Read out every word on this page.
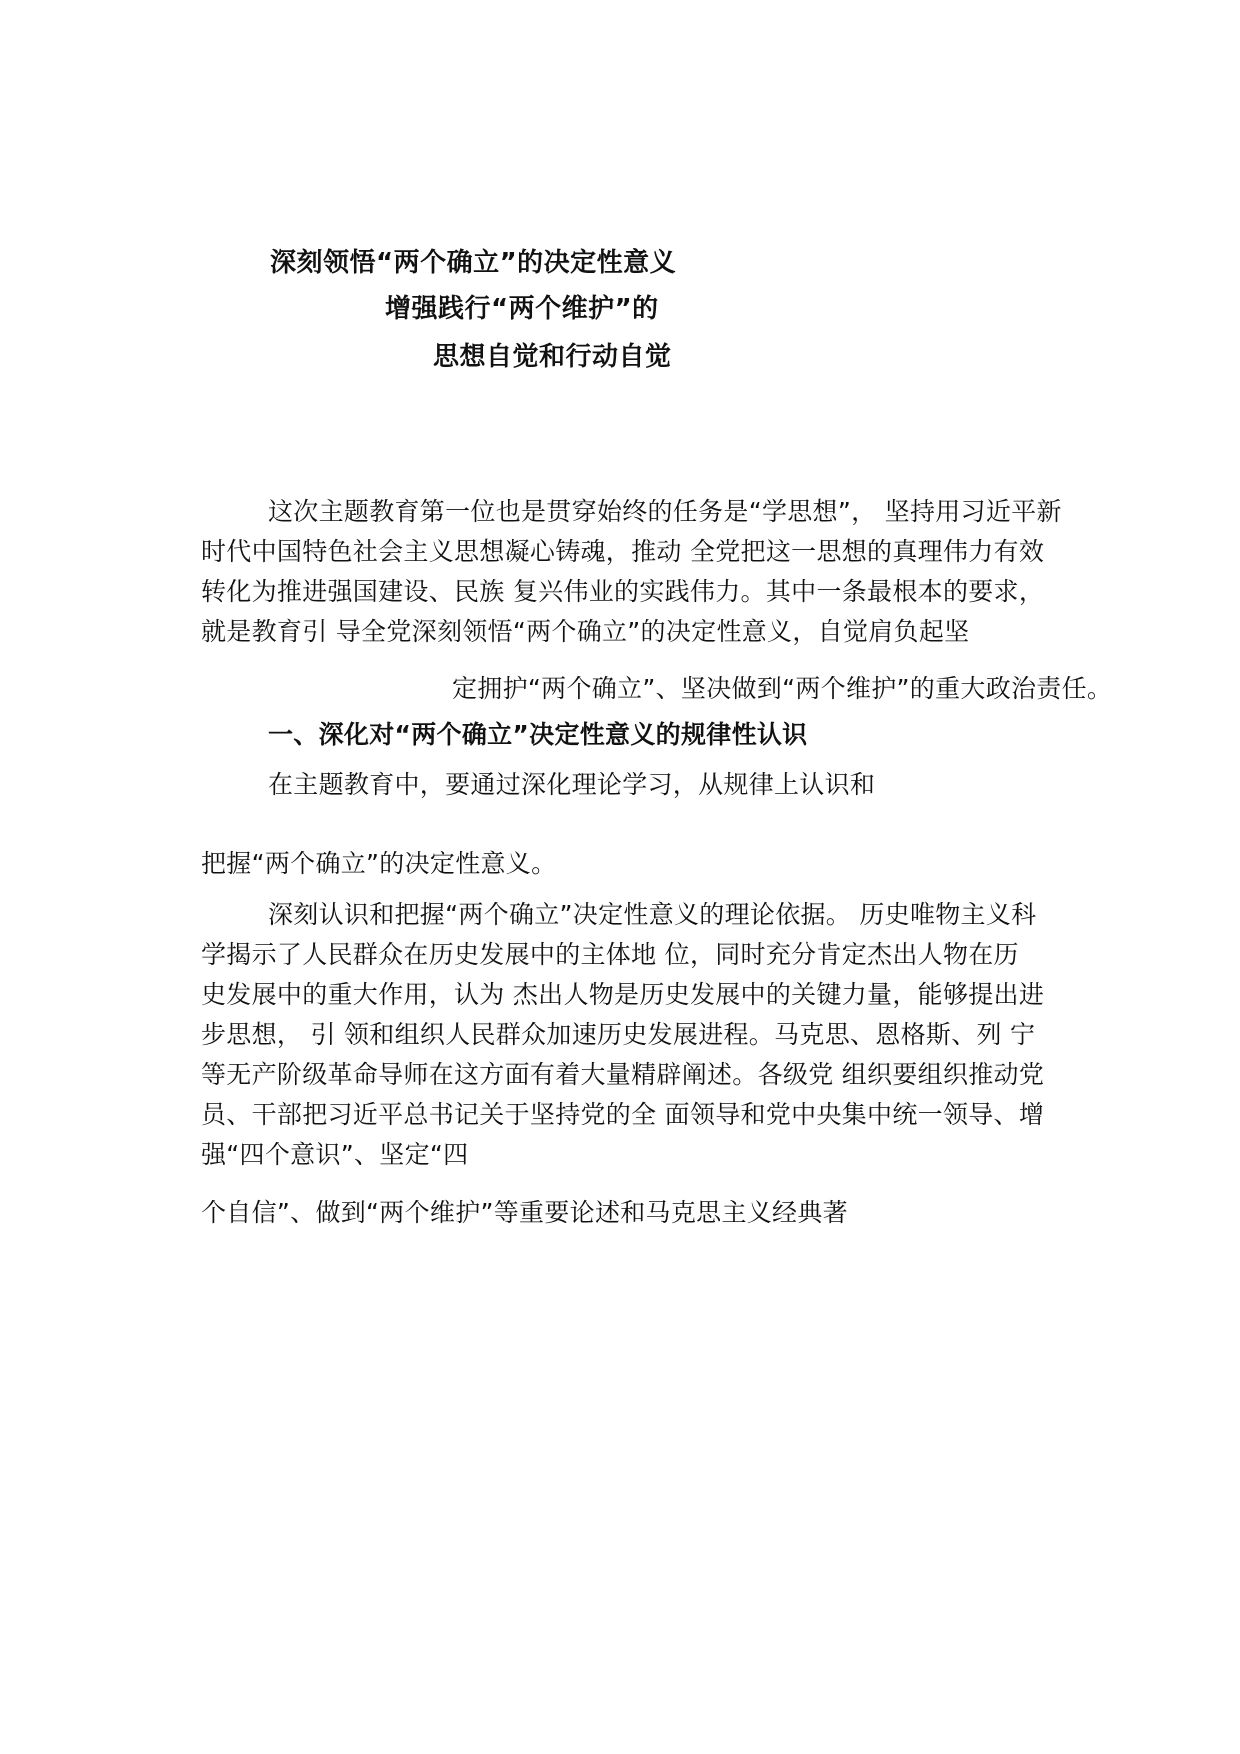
深刻领悟“两个确立”的决定性意义
增强践行“两个维护”的
思想自觉和行动自觉
这次主题教育第一位也是贯穿始终的任务是“学思想”， 坚持用习近平新
时代中国特色社会主义思想凝心铸魂，推动 全党把这一思想的真理伟力有效
转化为推进强国建设、民族 复兴伟业的实践伟力。其中一条最根本的要求，
就是教育引 导全党深刻领悟“两个确立”的决定性意义，自觉肩负起坚
定拥护“两个确立”、坚决做到“两个维护”的重大政治责任。
一、深化对“两个确立”决定性意义的规律性认识
在主题教育中，要通过深化理论学习，从规律上认识和
把握“两个确立”的决定性意义。
深刻认识和把握“两个确立”决定性意义的理论依据。 历史唯物主义科
学揭示了人民群众在历史发展中的主体地 位，同时充分肯定杰出人物在历
史发展中的重大作用，认为 杰出人物是历史发展中的关键力量，能够提出进
步思想， 引 领和组织人民群众加速历史发展进程。马克思、恩格斯、列 宁
等无产阶级革命导师在这方面有着大量精辟阐述。各级党 组织要组织推动党
员、干部把习近平总书记关于坚持党的全 面领导和党中央集中统一领导、增
强“四个意识”、坚定“四
个自信”、做到“两个维护”等重要论述和马克思主义经典著
